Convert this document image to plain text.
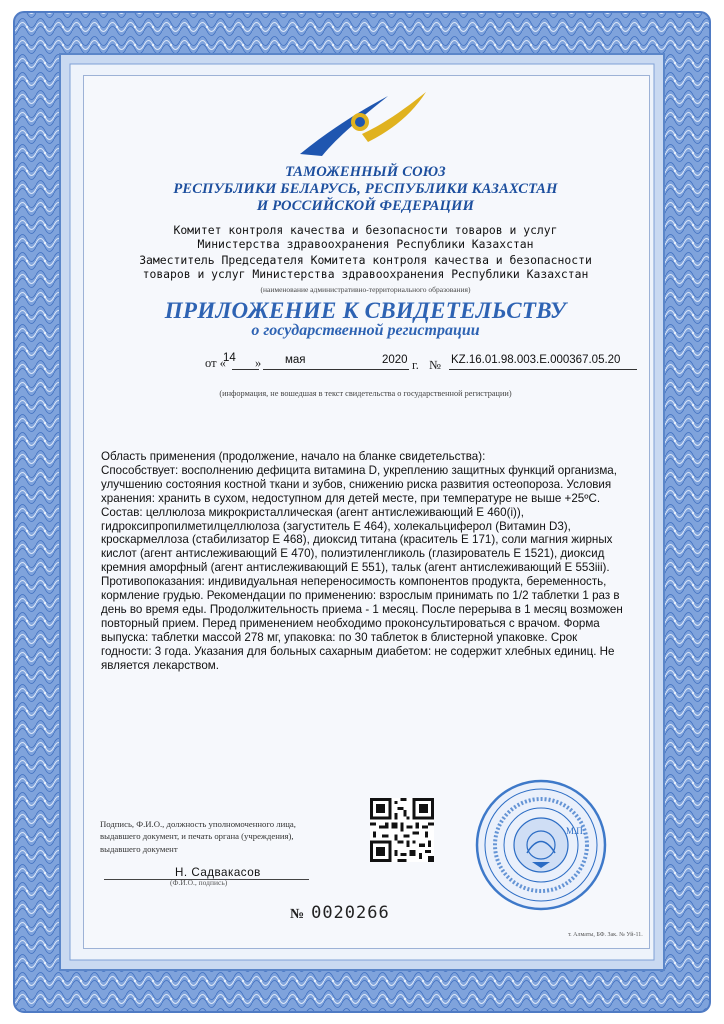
ТАМОЖЕННЫЙ СОЮЗ
РЕСПУБЛИКИ БЕЛАРУСЬ, РЕСПУБЛИКИ КАЗАХСТАН
И РОССИЙСКОЙ ФЕДЕРАЦИИ
Комитет контроля качества и безопасности товаров и услуг
Министерства здравоохранения Республики Казахстан
Заместитель Председателя Комитета контроля качества и безопасности
товаров и услуг Министерства здравоохранения Республики Казахстан
(наименование административно-территориального образования)
ПРИЛОЖЕНИЕ К СВИДЕТЕЛЬСТВУ
о государственной регистрации
от «
14 » мая	2020 г. № KZ.16.01.98.003.E.000367.05.20
(информация, не вошедшая в текст свидетельства о государственной регистрации)

Область применения (продолжение, начало на бланке свидетельства):

Способствует: восполнению дефицита витамина D, укреплению защитных функций организма,

улучшению состояния костной ткани и зубов, снижению риска развития остеопороза. Условия

хранения: хранить в сухом, недоступном для детей месте, при температуре не выше +25ºС.

Состав: целлюлоза микрокристаллическая (агент антислеживающий Е 460(i)),

гидроксипропилметилцеллюлоза (загуститель Е 464), холекальциферол (Витамин D3),

кроскармеллоза (стабилизатор Е 468), диоксид титана (краситель Е 171), соли магния жирных

кислот (агент антислеживающий Е 470), полиэтиленгликоль (глазирователь Е 1521), диоксид

кремния аморфный (агент антислеживающий Е 551), тальк (агент антислеживающий Е 553iii).

Противопоказания: индивидуальная непереносимость компонентов продукта, беременность,

кормление грудью. Рекомендации по применению: взрослым принимать по 1/2 таблетки 1 раз в

день во время еды. Продолжительность приема - 1 месяц. После перерыва в 1 месяц возможен

повторный прием. Перед применением необходимо проконсультироваться с врачом. Форма

выпуска: таблетки массой 278 мг, упаковка: по 30 таблеток в блистерной упаковке. Срок

годности: 3 года. Указания для больных сахарным диабетом: не содержит хлебных единиц. Не

является лекарством.

Подпись, Ф.И.О., должность уполномоченного лица,
выдавшего документ, и печать органа (учреждения),
выдавшего документ
Н. Садвакасов
(Ф.И.О., подпись)
М.П.
№ 0020266
т. Алматы, БФ. Зак. № Уй-11.
